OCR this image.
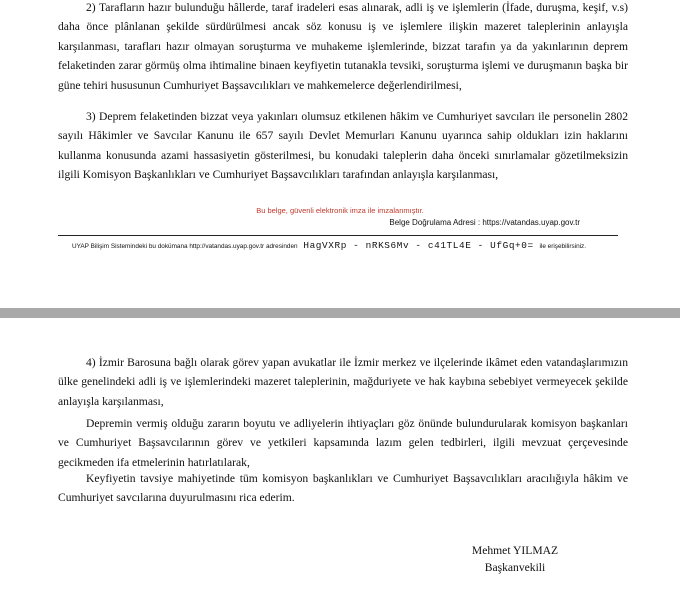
2) Tarafların hazır bulunduğu hâllerde, taraf iradeleri esas alınarak, adli iş ve işlemlerin (İfade, duruşma, keşif, v.s) daha önce plânlanan şekilde sürdürülmesi ancak söz konusu iş ve işlemlere ilişkin mazeret taleplerinin anlayışla karşılanması, tarafları hazır olmayan soruşturma ve muhakeme işlemlerinde, bizzat tarafın ya da yakınlarının deprem felaketinden zarar görmüş olma ihtimaline binaen keyfiyetin tutanakla tevsiki, soruşturma işlemi ve duruşmanın başka bir güne tehiri hususunun Cumhuriyet Başsavcılıkları ve mahkemelerce değerlendirilmesi,

3) Deprem felaketinden bizzat veya yakınları olumsuz etkilenen hâkim ve Cumhuriyet savcıları ile personelin 2802 sayılı Hâkimler ve Savcılar Kanunu ile 657 sayılı Devlet Memurları Kanunu uyarınca sahip oldukları izin haklarını kullanma konusunda azami hassasiyetin gösterilmesi, bu konudaki taleplerin daha önceki sınırlamalar gözetilmeksizin ilgili Komisyon Başkanlıkları ve Cumhuriyet Başsavcılıkları tarafından anlayışla karşılanması,

Bu belge, güvenli elektronik imza ile imzalanmıştır.
Belge Doğrulama Adresi : https://vatandas.uyap.gov.tr
UYAP Bilişim Sistemindeki bu dokümana http://vatandas.uyap.gov.tr adresinden HagVXRp - nRKS6Mv - c41TL4E - UfGq+0= ile erişebilirsiniz.

4) İzmir Barosuna bağlı olarak görev yapan avukatlar ile İzmir merkez ve ilçelerinde ikâmet eden vatandaşlarımızın ülke genelindeki adli iş ve işlemlerindeki mazeret taleplerinin, mağduriyete ve hak kaybına sebebiyet vermeyecek şekilde anlayışla karşılanması,

Depremin vermiş olduğu zararın boyutu ve adliyelerin ihtiyaçları göz önünde bulundurularak komisyon başkanları ve Cumhuriyet Başsavcılarının görev ve yetkileri kapsamında lazım gelen tedbirleri, ilgili mevzuat çerçevesinde gecikmeden ifa etmelerinin hatırlatılarak,

Keyfiyetin tavsiye mahiyetinde tüm komisyon başkanlıkları ve Cumhuriyet Başsavcılıkları aracılığıyla hâkim ve Cumhuriyet savcılarına duyurulmasını rica ederim.

Mehmet YILMAZ
Başkanvekili
